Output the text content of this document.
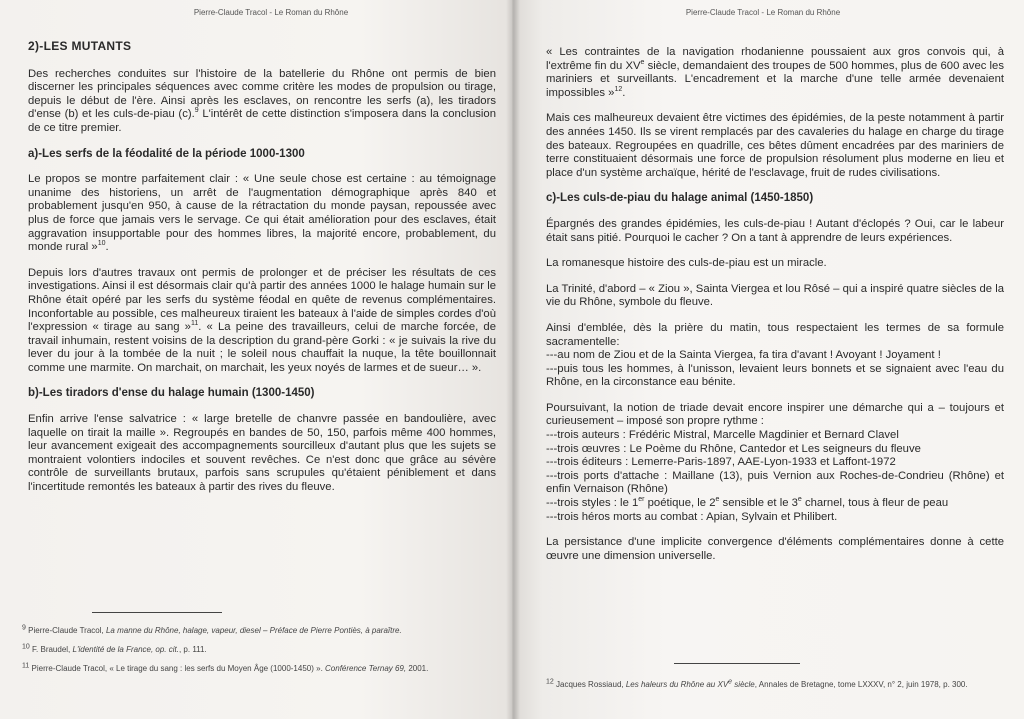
Pierre-Claude Tracol - Le Roman du Rhône
2)-LES MUTANTS

Des recherches conduites sur l'histoire de la batellerie du Rhône ont permis de bien discerner les principales séquences avec comme critère les modes de propulsion ou tirage, depuis le début de l'ère. Ainsi après les esclaves, on rencontre les serfs (a), les tiradors d'ense (b) et les culs-de-piau (c).$^9$ L'intérêt de cette distinction s'imposera dans la conclusion de ce titre premier.

a)-Les serfs de la féodalité de la période 1000-1300

Le propos se montre parfaitement clair : « Une seule chose est certaine : au témoignage unanime des historiens, un arrêt de l'augmentation démographique après 840 et probablement jusqu'en 950, à cause de la rétractation du monde paysan, repoussée avec plus de force que jamais vers le servage. Ce qui était amélioration pour des esclaves, était aggravation insupportable pour des hommes libres, la majorité encore, probablement, du monde rural »$^{10}$.

Depuis lors d'autres travaux ont permis de prolonger et de préciser les résultats de ces investigations. Ainsi il est désormais clair qu'à partir des années 1000 le halage humain sur le Rhône était opéré par les serfs du système féodal en quête de revenus complémentaires. Inconfortable au possible, ces malheureux tiraient les bateaux à l'aide de simples cordes d'où l'expression « tirage au sang »$^{11}$. « La peine des travailleurs, celui de marche forcée, de travail inhumain, restent voisins de la description du grand-père Gorki : « je suivais la rive du lever du jour à la tombée de la nuit ; le soleil nous chauffait la nuque, la tête bouillonnait comme une marmite. On marchait, on marchait, les yeux noyés de larmes et de sueur… ».

b)-Les tiradors d'ense du halage humain (1300-1450)

Enfin arrive l'ense salvatrice : « large bretelle de chanvre passée en bandoulière, avec laquelle on tirait la maille ». Regroupés en bandes de 50, 150, parfois même 400 hommes, leur avancement exigeait des accompagnements sourcilleux d'autant plus que les sujets se montraient volontiers indociles et souvent revêches. Ce n'est donc que grâce au sévère contrôle de surveillants brutaux, parfois sans scrupules qu'étaient péniblement et dans l'incertitude remontés les bateaux à partir des rives du fleuve.

$^9$ Pierre-Claude Tracol, La manne du Rhône, halage, vapeur, diesel – Préface de Pierre Pontiès, à paraître.
$^{10}$ F. Braudel, L'identité de la France, op. cit., p. 111.
$^{11}$ Pierre-Claude Tracol, « Le tirage du sang : les serfs du Moyen Âge (1000-1450) ». Conférence Ternay 69, 2001.
Pierre-Claude Tracol - Le Roman du Rhône

« Les contraintes de la navigation rhodanienne poussaient aux gros convois qui, à l'extrême fin du XVe siècle, demandaient des troupes de 500 hommes, plus de 600 avec les mariniers et surveillants. L'encadrement et la marche d'une telle armée devenaient impossibles »$^{12}$.

Mais ces malheureux devaient être victimes des épidémies, de la peste notamment à partir des années 1450. Ils se virent remplacés par des cavaleries du halage en charge du tirage des bateaux. Regroupées en quadrille, ces bêtes dûment encadrées par des mariniers de terre constituaient désormais une force de propulsion résolument plus moderne en lieu et place d'un système archaïque, hérité de l'esclavage, fruit de rudes civilisations.

c)-Les culs-de-piau du halage animal (1450-1850)

Épargnés des grandes épidémies, les culs-de-piau ! Autant d'éclopés ? Oui, car le labeur était sans pitié. Pourquoi le cacher ? On a tant à apprendre de leurs expériences.

La romanesque histoire des culs-de-piau est un miracle.

La Trinité, d'abord – « Ziou », Sainta Viergea et lou Rôsé – qui a inspiré quatre siècles de la vie du Rhône, symbole du fleuve.

Ainsi d'emblée, dès la prière du matin, tous respectaient les termes de sa formule sacramentelle:
---au nom de Ziou et de la Sainta Viergea, fa tira d'avant ! Avoyant ! Joyament !
---puis tous les hommes, à l'unisson, levaient leurs bonnets et se signaient avec l'eau du Rhône, en la circonstance eau bénite.

Poursuivant, la notion de triade devait encore inspirer une démarche qui a – toujours et curieusement – imposé son propre rythme :
---trois auteurs : Frédéric Mistral, Marcelle Magdinier et Bernard Clavel
---trois œuvres : Le Poème du Rhône, Cantedor et Les seigneurs du fleuve
---trois éditeurs : Lemerre-Paris-1897, AAE-Lyon-1933 et Laffont-1972
---trois ports d'attache : Maillane (13), puis Vernion aux Roches-de-Condrieu (Rhône) et enfin Vernaison (Rhône)
---trois styles : le 1er poétique, le 2e sensible et le 3e charnel, tous à fleur de peau
---trois héros morts au combat : Apian, Sylvain et Philibert.

La persistance d'une implicite convergence d'éléments complémentaires donne à cette œuvre une dimension universelle.

$^{12}$ Jacques Rossiaud, Les haleurs du Rhône au XVe siècle, Annales de Bretagne, tome LXXXV, n° 2, juin 1978, p. 300.
